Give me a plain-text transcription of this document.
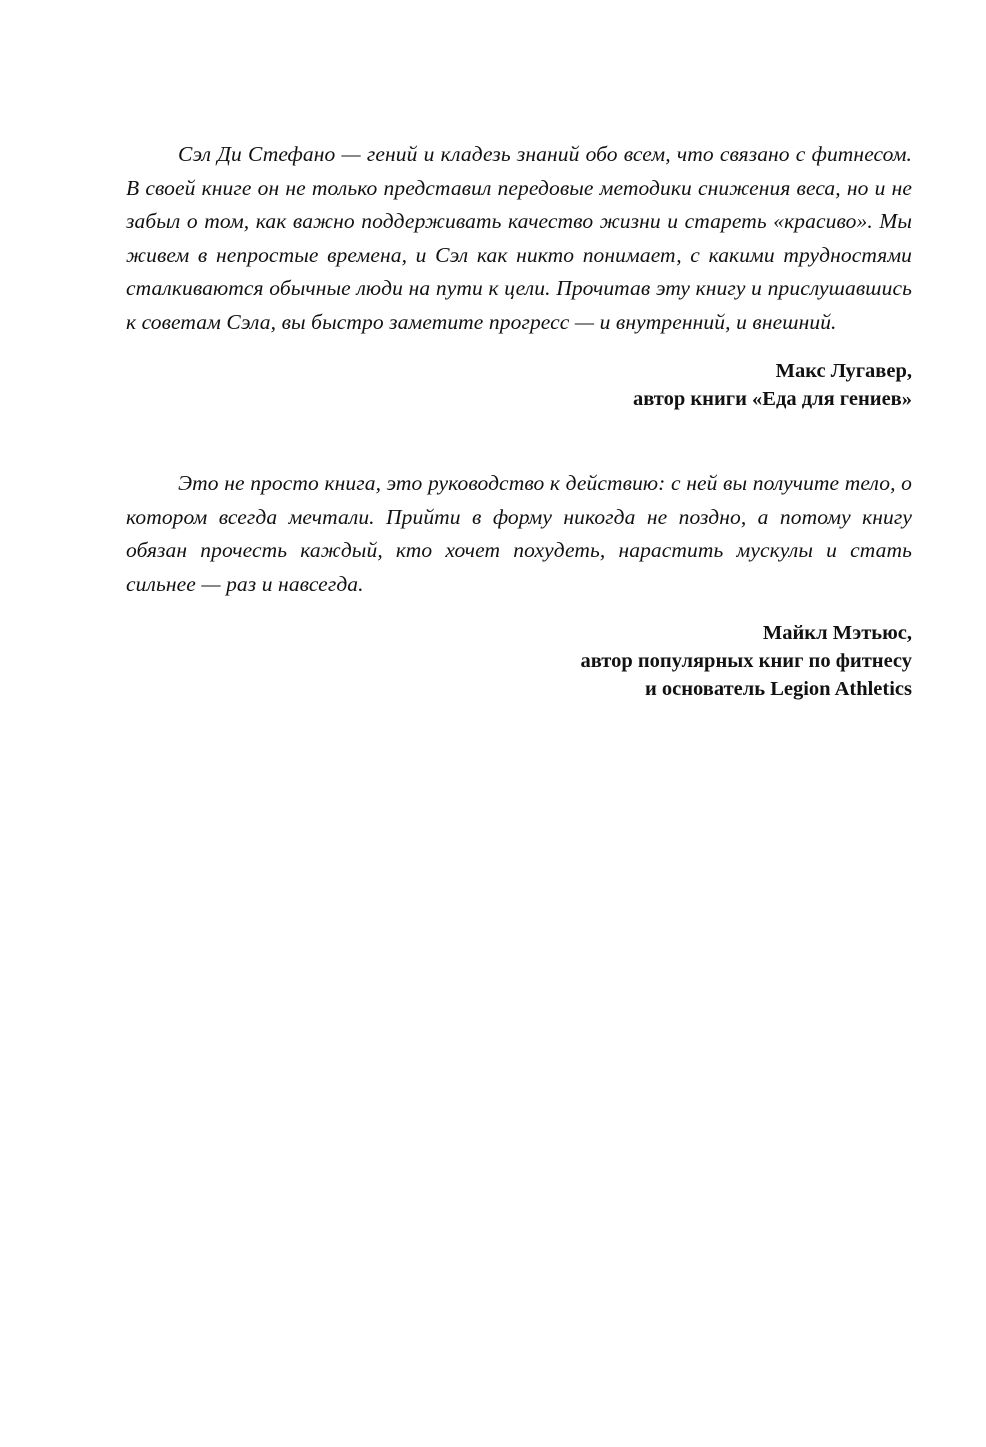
Сэл Ди Стефано — гений и кладезь знаний обо всем, что связано с фитнесом. В своей книге он не только представил передовые методики снижения веса, но и не забыл о том, как важно поддерживать качество жизни и стареть «красиво». Мы живем в непростые времена, и Сэл как никто понимает, с какими трудностями сталкиваются обычные люди на пути к цели. Прочитав эту книгу и прислушавшись к советам Сэла, вы быстро заметите прогресс — и внутренний, и внешний.

Макс Лугавер,
автор книги «Еда для гениев»

Это не просто книга, это руководство к действию: с ней вы получите тело, о котором всегда мечтали. Прийти в форму никогда не поздно, а потому книгу обязан прочесть каждый, кто хочет похудеть, нарастить мускулы и стать сильнее — раз и навсегда.

Майкл Мэтьюс,
автор популярных книг по фитнесу
и основатель Legion Athletics
